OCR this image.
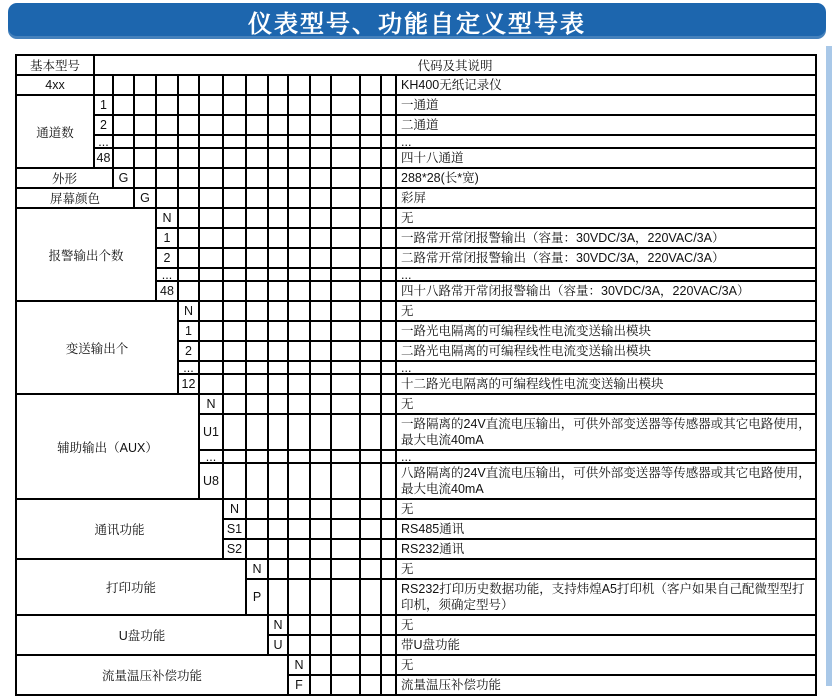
仪表型号、功能自定义型号表
基本型号	代码及其说明														
4xx															KH400无纸记录仪
通道数	1														一通道
	2														二通道
	...														...
	48														四十八通道
外形		G													288*28(长*宽)
屏幕颜色			G												彩屏
报警输出个数				N											无
				1											一路常开常闭报警输出（容量：30VDC/3A，220VAC/3A）
				2											二路常开常闭报警输出（容量：30VDC/3A，220VAC/3A）
				...											...
				48											四十八路常开常闭报警输出（容量：30VDC/3A，220VAC/3A）
变送输出个					N										无
					1										一路光电隔离的可编程线性电流变送输出模块
					2										二路光电隔离的可编程线性电流变送输出模块
					...										...
					12										十二路光电隔离的可编程线性电流变送输出模块
辅助输出（AUX）						N									无
						U1									一路隔离的24V直流电压输出，可供外部变送器等传感器或其它电路使用，最大电流40mA
						...									...
						U8									八路隔离的24V直流电压输出，可供外部变送器等传感器或其它电路使用，最大电流40mA
通讯功能							N								无
							S1								RS485通讯
							S2								RS232通讯
打印功能								N							无
								P							RS232打印历史数据功能，支持炜煌A5打印机（客户如果自己配微型型打印机，须确定型号）
U盘功能									N						无
									U						带U盘功能
流量温压补偿功能										N					无
										F					流量温压补偿功能
